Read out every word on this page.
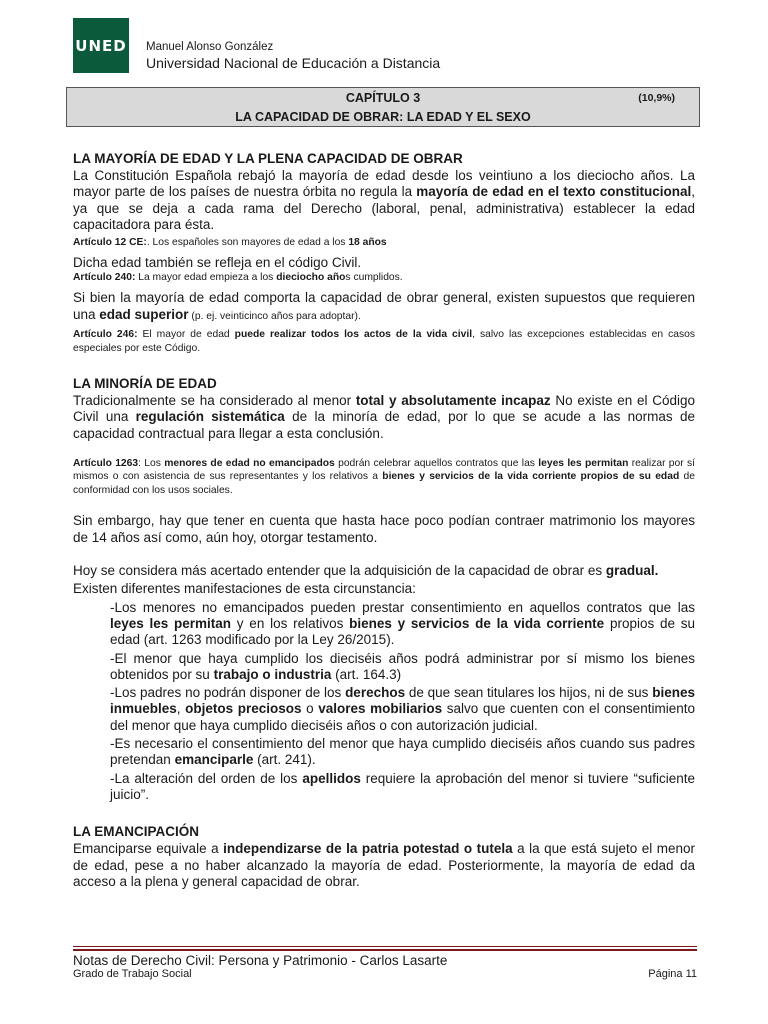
UNED Manuel Alonso González
Universidad Nacional de Educación a Distancia
CAPÍTULO 3	(10,9%)
LA CAPACIDAD DE OBRAR: LA EDAD Y EL SEXO

LA MAYORÍA DE EDAD Y LA PLENA CAPACIDAD DE OBRAR

La Constitución Española rebajó la mayoría de edad desde los veintiuno a los dieciocho años. La mayor parte de los países de nuestra órbita no regula la mayoría de edad en el texto constitucional, ya que se deja a cada rama del Derecho (laboral, penal, administrativa) establecer la edad capacitadora para ésta.

Artículo 12 CE:. Los españoles son mayores de edad a los 18 años

Dicha edad también se refleja en el código Civil.

Artículo 240: La mayor edad empieza a los dieciocho años cumplidos.

Si bien la mayoría de edad comporta la capacidad de obrar general, existen supuestos que requieren una edad superior (p. ej. veinticinco años para adoptar).

Artículo 246: El mayor de edad puede realizar todos los actos de la vida civil, salvo las excepciones establecidas en casos especiales por este Código.

LA MINORÍA DE EDAD

Tradicionalmente se ha considerado al menor total y absolutamente incapaz No existe en el Código Civil una regulación sistemática de la minoría de edad, por lo que se acude a las normas de capacidad contractual para llegar a esta conclusión.

Artículo 1263: Los menores de edad no emancipados podrán celebrar aquellos contratos que las leyes les permitan realizar por sí mismos o con asistencia de sus representantes y los relativos a bienes y servicios de la vida corriente propios de su edad de conformidad con los usos sociales.

Sin embargo, hay que tener en cuenta que hasta hace poco podían contraer matrimonio los mayores de 14 años así como, aún hoy, otorgar testamento.

Hoy se considera más acertado entender que la adquisición de la capacidad de obrar es gradual.

Existen diferentes manifestaciones de esta circunstancia:

-Los menores no emancipados pueden prestar consentimiento en aquellos contratos que las leyes les permitan y en los relativos bienes y servicios de la vida corriente propios de su edad (art. 1263 modificado por la Ley 26/2015).

-El menor que haya cumplido los dieciséis años podrá administrar por sí mismo los bienes obtenidos por su trabajo o industria (art. 164.3)

-Los padres no podrán disponer de los derechos de que sean titulares los hijos, ni de sus bienes inmuebles, objetos preciosos o valores mobiliarios salvo que cuenten con el consentimiento del menor que haya cumplido dieciséis años o con autorización judicial.

-Es necesario el consentimiento del menor que haya cumplido dieciséis años cuando sus padres pretendan emanciparle (art. 241).

-La alteración del orden de los apellidos requiere la aprobación del menor si tuviere “suficiente juicio”.

LA EMANCIPACIÓN

Emanciparse equivale a independizarse de la patria potestad o tutela a la que está sujeto el menor de edad, pese a no haber alcanzado la mayoría de edad. Posteriormente, la mayoría de edad da acceso a la plena y general capacidad de obrar.

Notas de Derecho Civil: Persona y Patrimonio - Carlos Lasarte
Grado de Trabajo Social	Página 11
